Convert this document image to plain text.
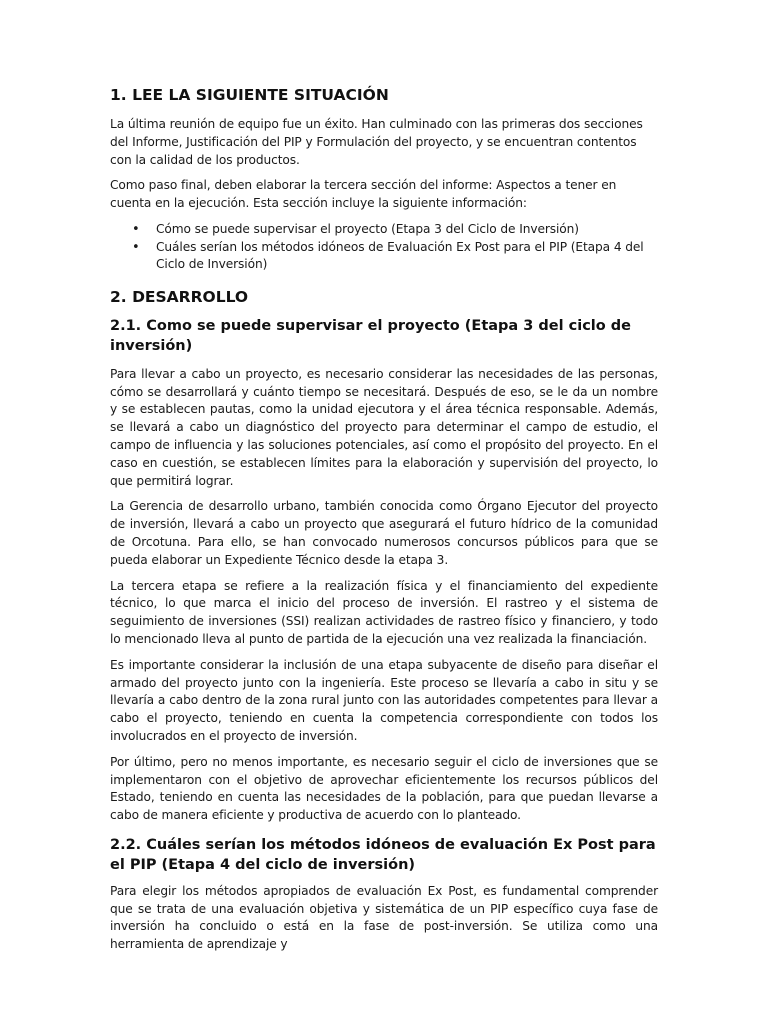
1. LEE LA SIGUIENTE SITUACIÓN

La última reunión de equipo fue un éxito. Han culminado con las primeras dos secciones del Informe, Justificación del PIP y Formulación del proyecto, y se encuentran contentos con la calidad de los productos.

Como paso final, deben elaborar la tercera sección del informe: Aspectos a tener en cuenta en la ejecución. Esta sección incluye la siguiente información:

• Cómo se puede supervisar el proyecto (Etapa 3 del Ciclo de Inversión)
• Cuáles serían los métodos idóneos de Evaluación Ex Post para el PIP (Etapa 4 del Ciclo de Inversión)
2. DESARROLLO
2.1. Como se puede supervisar el proyecto (Etapa 3 del ciclo de inversión)

Para llevar a cabo un proyecto, es necesario considerar las necesidades de las personas, cómo se desarrollará y cuánto tiempo se necesitará. Después de eso, se le da un nombre y se establecen pautas, como la unidad ejecutora y el área técnica responsable. Además, se llevará a cabo un diagnóstico del proyecto para determinar el campo de estudio, el campo de influencia y las soluciones potenciales, así como el propósito del proyecto. En el caso en cuestión, se establecen límites para la elaboración y supervisión del proyecto, lo que permitirá lograr.

La Gerencia de desarrollo urbano, también conocida como Órgano Ejecutor del proyecto de inversión, llevará a cabo un proyecto que asegurará el futuro hídrico de la comunidad de Orcotuna. Para ello, se han convocado numerosos concursos públicos para que se pueda elaborar un Expediente Técnico desde la etapa 3.

La tercera etapa se refiere a la realización física y el financiamiento del expediente técnico, lo que marca el inicio del proceso de inversión. El rastreo y el sistema de seguimiento de inversiones (SSI) realizan actividades de rastreo físico y financiero, y todo lo mencionado lleva al punto de partida de la ejecución una vez realizada la financiación.

Es importante considerar la inclusión de una etapa subyacente de diseño para diseñar el armado del proyecto junto con la ingeniería. Este proceso se llevaría a cabo in situ y se llevaría a cabo dentro de la zona rural junto con las autoridades competentes para llevar a cabo el proyecto, teniendo en cuenta la competencia correspondiente con todos los involucrados en el proyecto de inversión.

Por último, pero no menos importante, es necesario seguir el ciclo de inversiones que se implementaron con el objetivo de aprovechar eficientemente los recursos públicos del Estado, teniendo en cuenta las necesidades de la población, para que puedan llevarse a cabo de manera eficiente y productiva de acuerdo con lo planteado.

2.2. Cuáles serían los métodos idóneos de evaluación Ex Post para el PIP (Etapa 4 del ciclo de inversión)

Para elegir los métodos apropiados de evaluación Ex Post, es fundamental comprender que se trata de una evaluación objetiva y sistemática de un PIP específico cuya fase de inversión ha concluido o está en la fase de post-inversión. Se utiliza como una herramienta de aprendizaje y
